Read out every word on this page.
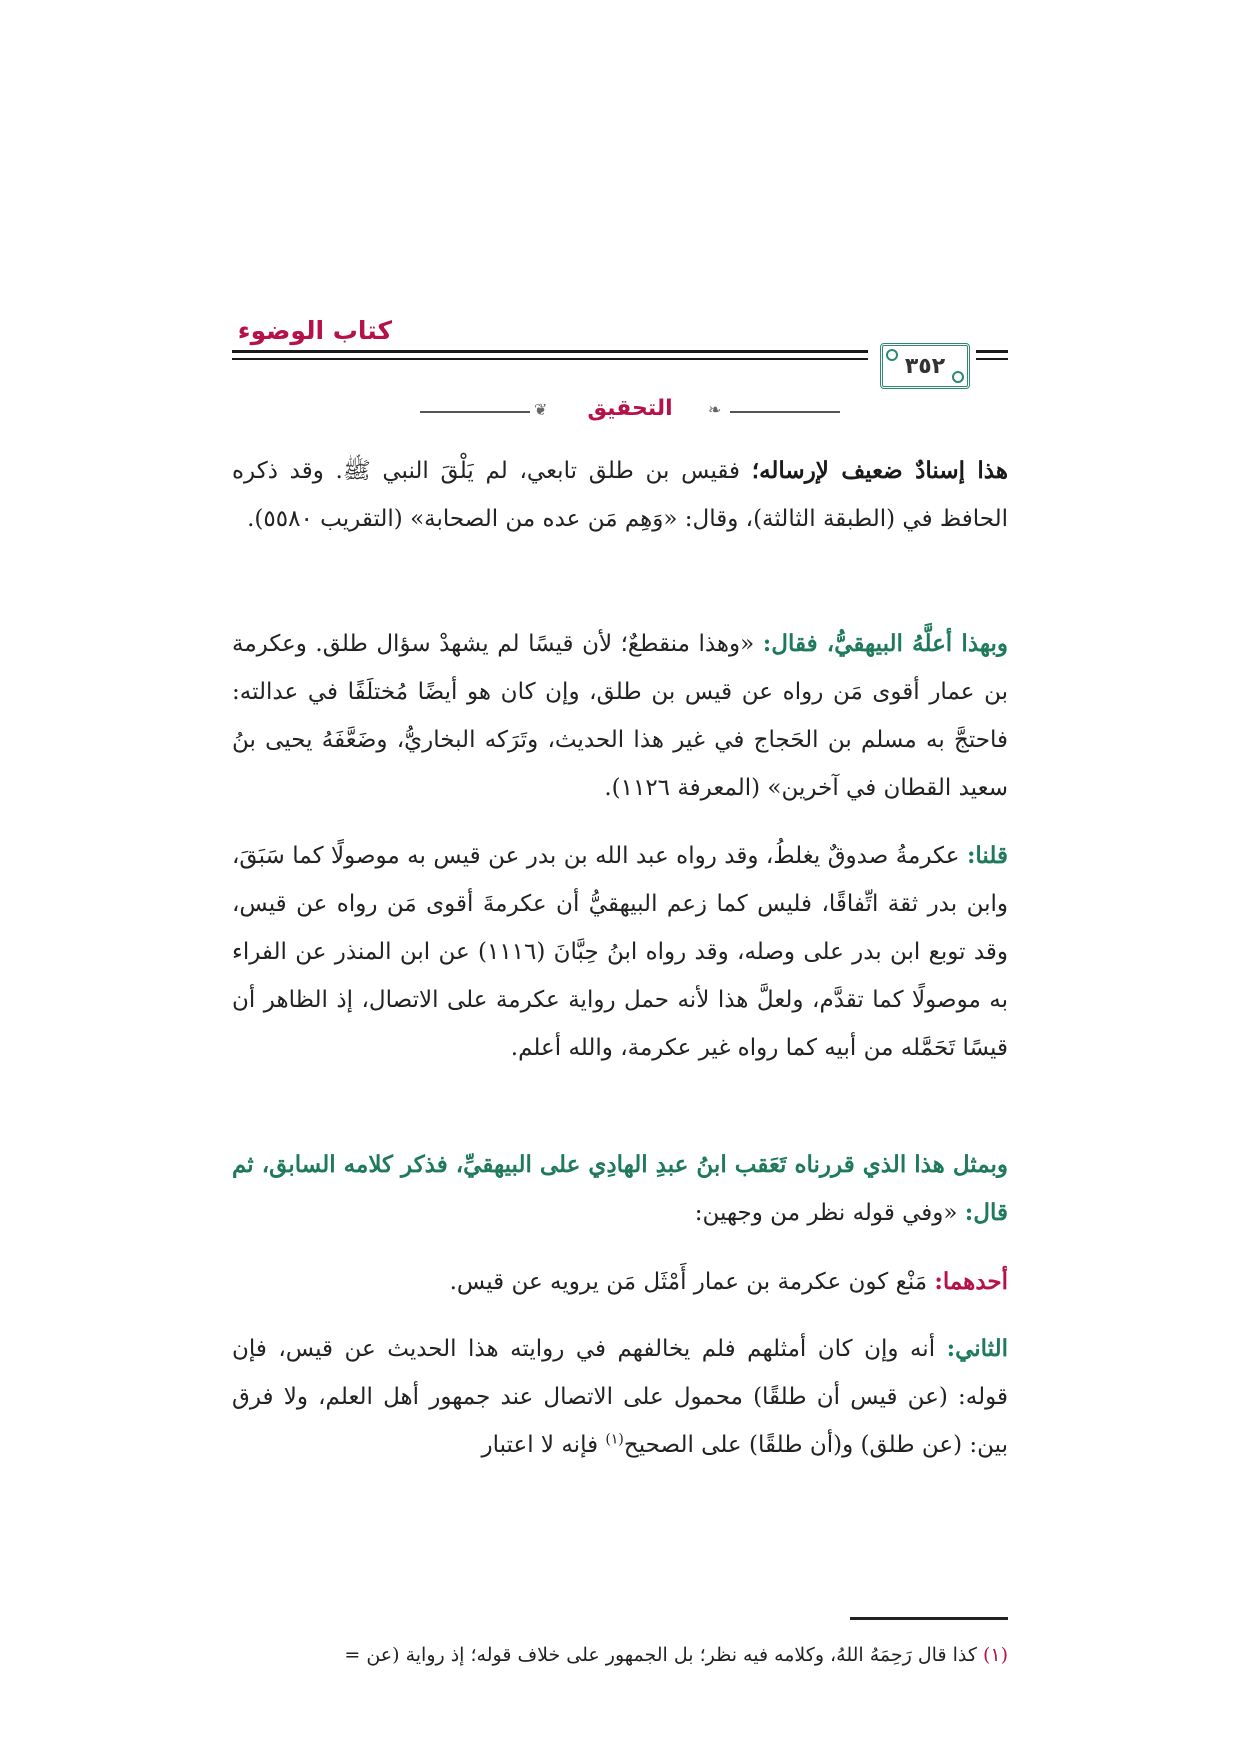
كتاب الوضوء
٣٥٢
❦	التحقيق	❧
هذا إسنادٌ ضعيف لإرساله؛ فقيس بن طلق تابعي، لم يَلْقَ النبي ﷺ. وقد ذكره الحافظ في (الطبقة الثالثة)، وقال: «وَهِم مَن عده من الصحابة» (التقريب ٥٥٨٠).
وبهذا أعلَّهُ البيهقيُّ، فقال: «وهذا منقطعٌ؛ لأن قيسًا لم يشهدْ سؤال طلق. وعكرمة بن عمار أقوى مَن رواه عن قيس بن طلق، وإن كان هو أيضًا مُختلَفًا في عدالته: فاحتجَّ به مسلم بن الحَجاج في غير هذا الحديث، وتَرَكه البخاريُّ، وضَعَّفَهُ يحيى بنُ سعيد القطان في آخرين» (المعرفة ١١٢٦).
قلنا: عكرمةُ صدوقٌ يغلطُ، وقد رواه عبد الله بن بدر عن قيس به موصولًا كما سَبَقَ، وابن بدر ثقة اتِّفاقًا، فليس كما زعم البيهقيُّ أن عكرمةَ أقوى مَن رواه عن قيس، وقد توبع ابن بدر على وصله، وقد رواه ابنُ حِبَّانَ (١١١٦) عن ابن المنذر عن الفراء به موصولًا كما تقدَّم، ولعلَّ هذا لأنه حمل رواية عكرمة على الاتصال، إذ الظاهر أن قيسًا تَحَمَّله من أبيه كما رواه غير عكرمة، والله أعلم.
وبمثل هذا الذي قررناه تَعَقب ابنُ عبدِ الهادِي على البيهقيِّ، فذكر كلامه السابق، ثم قال: «وفي قوله نظر من وجهين:
أحدهما: مَنْع كون عكرمة بن عمار أَمْثَل مَن يرويه عن قيس.
الثاني: أنه وإن كان أمثلهم فلم يخالفهم في روايته هذا الحديث عن قيس، فإن قوله: (عن قيس أن طلقًا) محمول على الاتصال عند جمهور أهل العلم، ولا فرق بين: (عن طلق) و(أن طلقًا) على الصحيح$^{(١)}$ فإنه لا اعتبار
(١) كذا قال رَحِمَهُ اللهُ، وكلامه فيه نظر؛ بل الجمهور على خلاف قوله؛ إذ رواية (عن =
